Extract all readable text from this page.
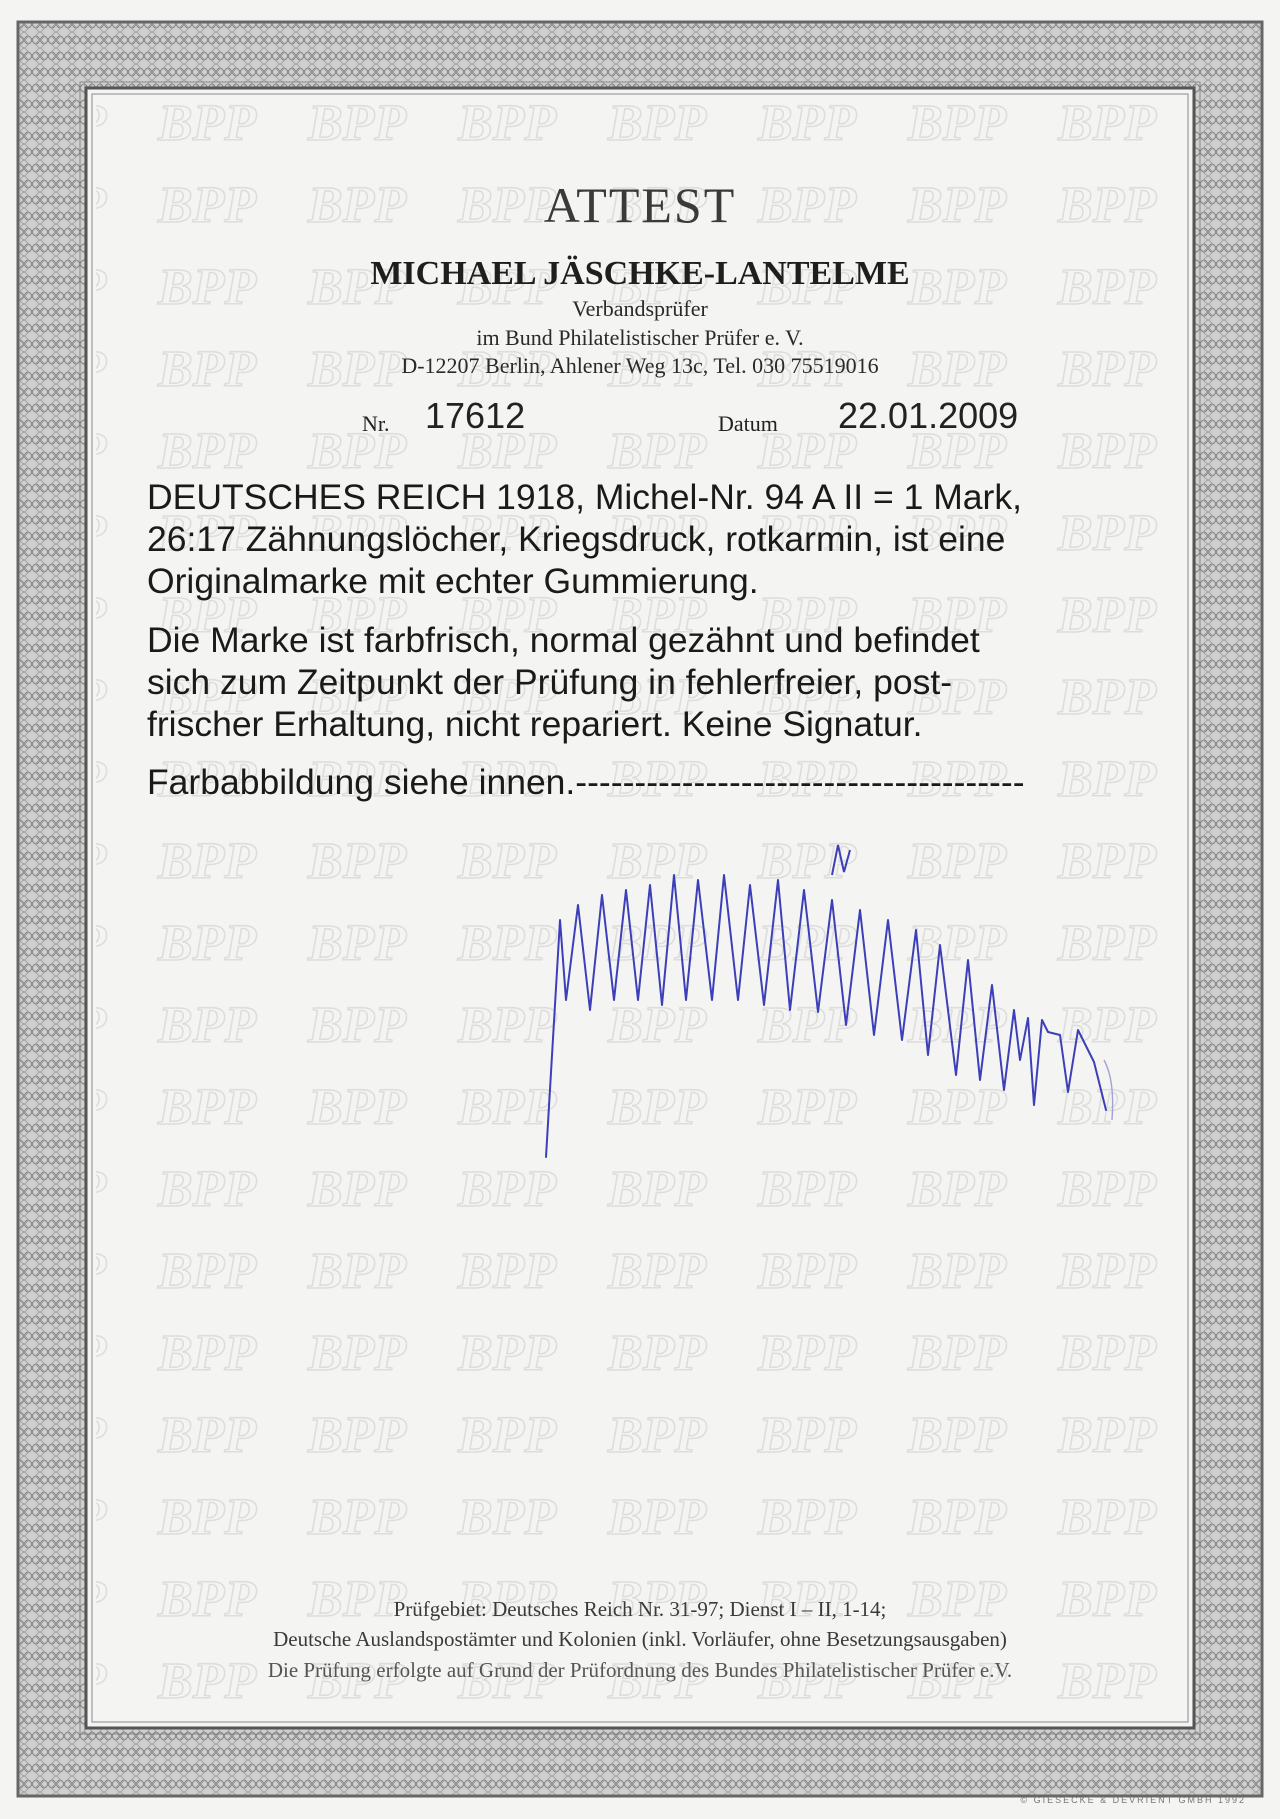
ATTEST

MICHAEL JÄSCHKE-LANTELME

Verbandsprüfer

im Bund Philatelistischer Prüfer e. V.

D-12207 Berlin, Ahlener Weg 13c, Tel. 030 75519016

Nr. 17612	Datum 22.01.2009

DEUTSCHES REICH 1918, Michel-Nr. 94 A II = 1 Mark,

26:17 Zähnungslöcher, Kriegsdruck, rotkarmin, ist eine

Originalmarke mit echter Gummierung.

Die Marke ist farbfrisch, normal gezähnt und befindet

sich zum Zeitpunkt der Prüfung in fehlerfreier, post-

frischer Erhaltung, nicht repariert. Keine Signatur.

Farbabbildung siehe innen.--------------------------------------

Prüfgebiet: Deutsches Reich Nr. 31-97; Dienst I – II, 1-14;

Deutsche Auslandspostämter und Kolonien (inkl. Vorläufer, ohne Besetzungsausgaben)

Die Prüfung erfolgte auf Grund der Prüfordnung des Bundes Philatelistischer Prüfer e.V.

© GIESECKE & DEVRIENT GMBH 1992
